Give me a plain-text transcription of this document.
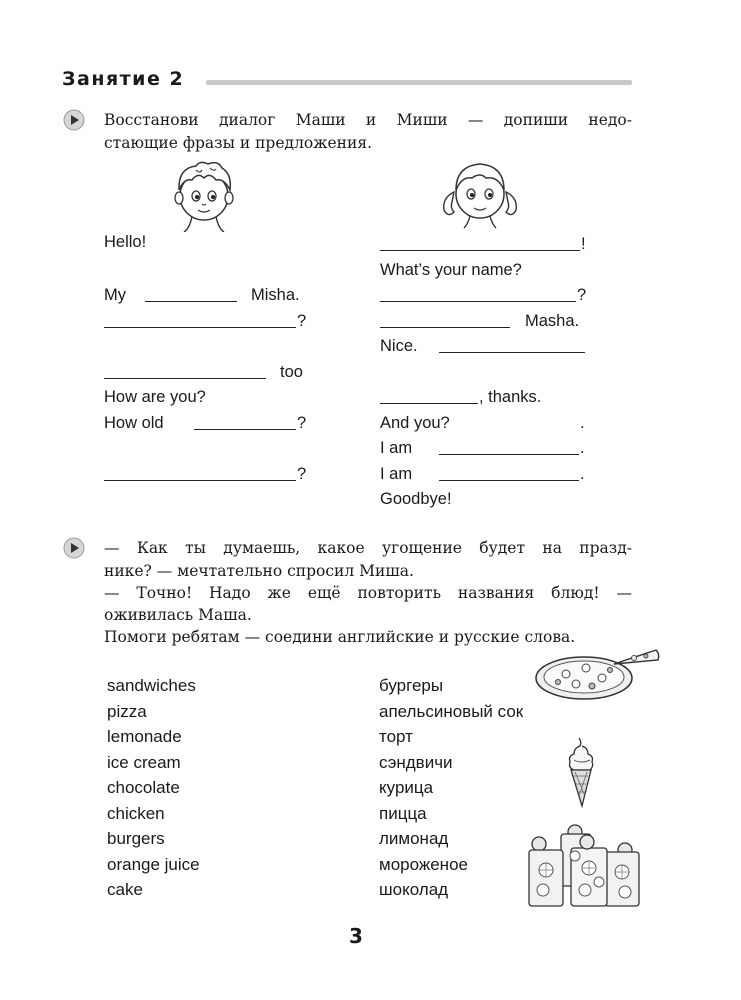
Занятие 2
Восстанови диалог Маши и Миши — допиши недо-
стающие фразы и предложения.
Hello!
My	Misha.
?
too
How are you?
How old	?
?
!
What’s your name?
?
Masha.
Nice.
, thanks.
And you?	.
I am	.
I am	.
Goodbye!
— Как ты думаешь, какое угощение будет на празд-
нике? — мечтательно спросил Миша.
— Точно! Надо же ещё повторить названия блюд! —
оживилась Маша.
Помоги ребятам — соедини английские и русские слова.
sandwiches
pizza
lemonade
ice cream
chocolate
chicken
burgers
orange juice
cake
бургеры
апельсиновый сок
торт
сэндвичи
курица
пицца
лимонад
мороженое
шоколад
3
